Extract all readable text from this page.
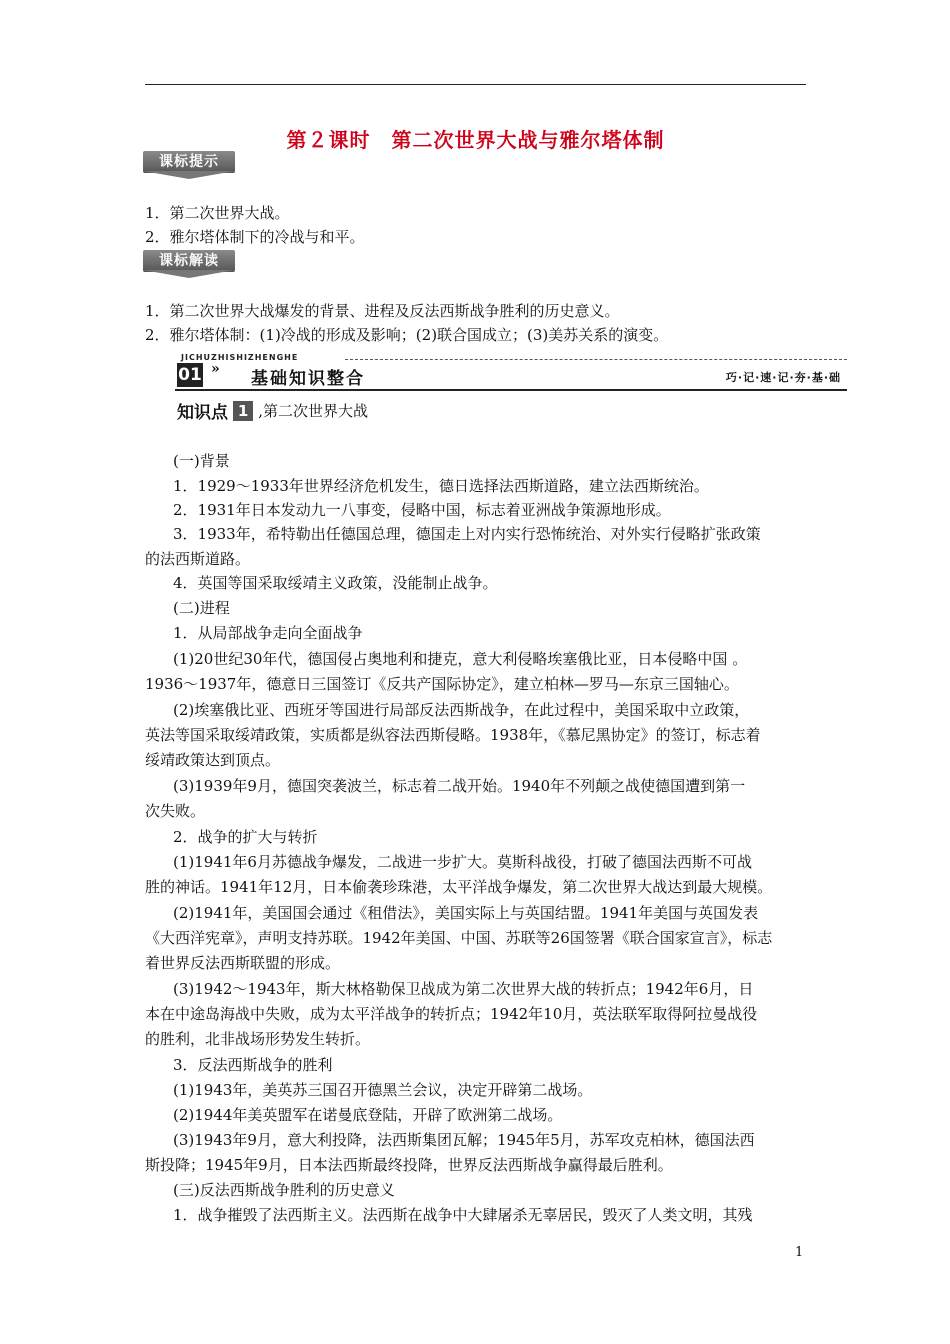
第２课时　第二次世界大战与雅尔塔体制
课标提示
1．第二次世界大战。
2．雅尔塔体制下的冷战与和平。
课标解读
1．第二次世界大战爆发的背景、进程及反法西斯战争胜利的历史意义。
2．雅尔塔体制：(1)冷战的形成及影响；(2)联合国成立；(3)美苏关系的演变。
JICHUZHISHIZHENGHE
01 » 基础知识整合	巧·记·速·记·夯·基·础
知识点 1 ,第二次世界大战
(一)背景
1．1929～1933年世界经济危机发生，德日选择法西斯道路，建立法西斯统治。
2．1931年日本发动九一八事变，侵略中国，标志着亚洲战争策源地形成。
3．1933年，希特勒出任德国总理，德国走上对内实行恐怖统治、对外实行侵略扩张政策
的法西斯道路。
4．英国等国采取绥靖主义政策，没能制止战争。
(二)进程
1．从局部战争走向全面战争
(1)20世纪30年代，德国侵占奥地利和捷克，意大利侵略埃塞俄比亚，日本侵略中国 。
1936～1937年，德意日三国签订《反共产国际协定》，建立柏林—罗马—东京三国轴心。
(2)埃塞俄比亚、西班牙等国进行局部反法西斯战争，在此过程中，美国采取中立政策，
英法等国采取绥靖政策，实质都是纵容法西斯侵略。1938年，《慕尼黑协定》的签订，标志着
绥靖政策达到顶点。
(3)1939年9月，德国突袭波兰，标志着二战开始。1940年不列颠之战使德国遭到第一
次失败。
2．战争的扩大与转折
(1)1941年6月苏德战争爆发，二战进一步扩大。莫斯科战役，打破了德国法西斯不可战
胜的神话。1941年12月，日本偷袭珍珠港，太平洋战争爆发，第二次世界大战达到最大规模。
(2)1941年，美国国会通过《租借法》，美国实际上与英国结盟。1941年美国与英国发表
《大西洋宪章》，声明支持苏联。1942年美国、中国、苏联等26国签署《联合国家宣言》，标志
着世界反法西斯联盟的形成。
(3)1942～1943年，斯大林格勒保卫战成为第二次世界大战的转折点；1942年6月，日
本在中途岛海战中失败，成为太平洋战争的转折点；1942年10月，英法联军取得阿拉曼战役
的胜利，北非战场形势发生转折。
3．反法西斯战争的胜利
(1)1943年，美英苏三国召开德黑兰会议，决定开辟第二战场。
(2)1944年美英盟军在诺曼底登陆，开辟了欧洲第二战场。
(3)1943年9月，意大利投降，法西斯集团瓦解；1945年5月，苏军攻克柏林，德国法西
斯投降；1945年9月，日本法西斯最终投降，世界反法西斯战争赢得最后胜利。
(三)反法西斯战争胜利的历史意义
1．战争摧毁了法西斯主义。法西斯在战争中大肆屠杀无辜居民，毁灭了人类文明，其残
1
